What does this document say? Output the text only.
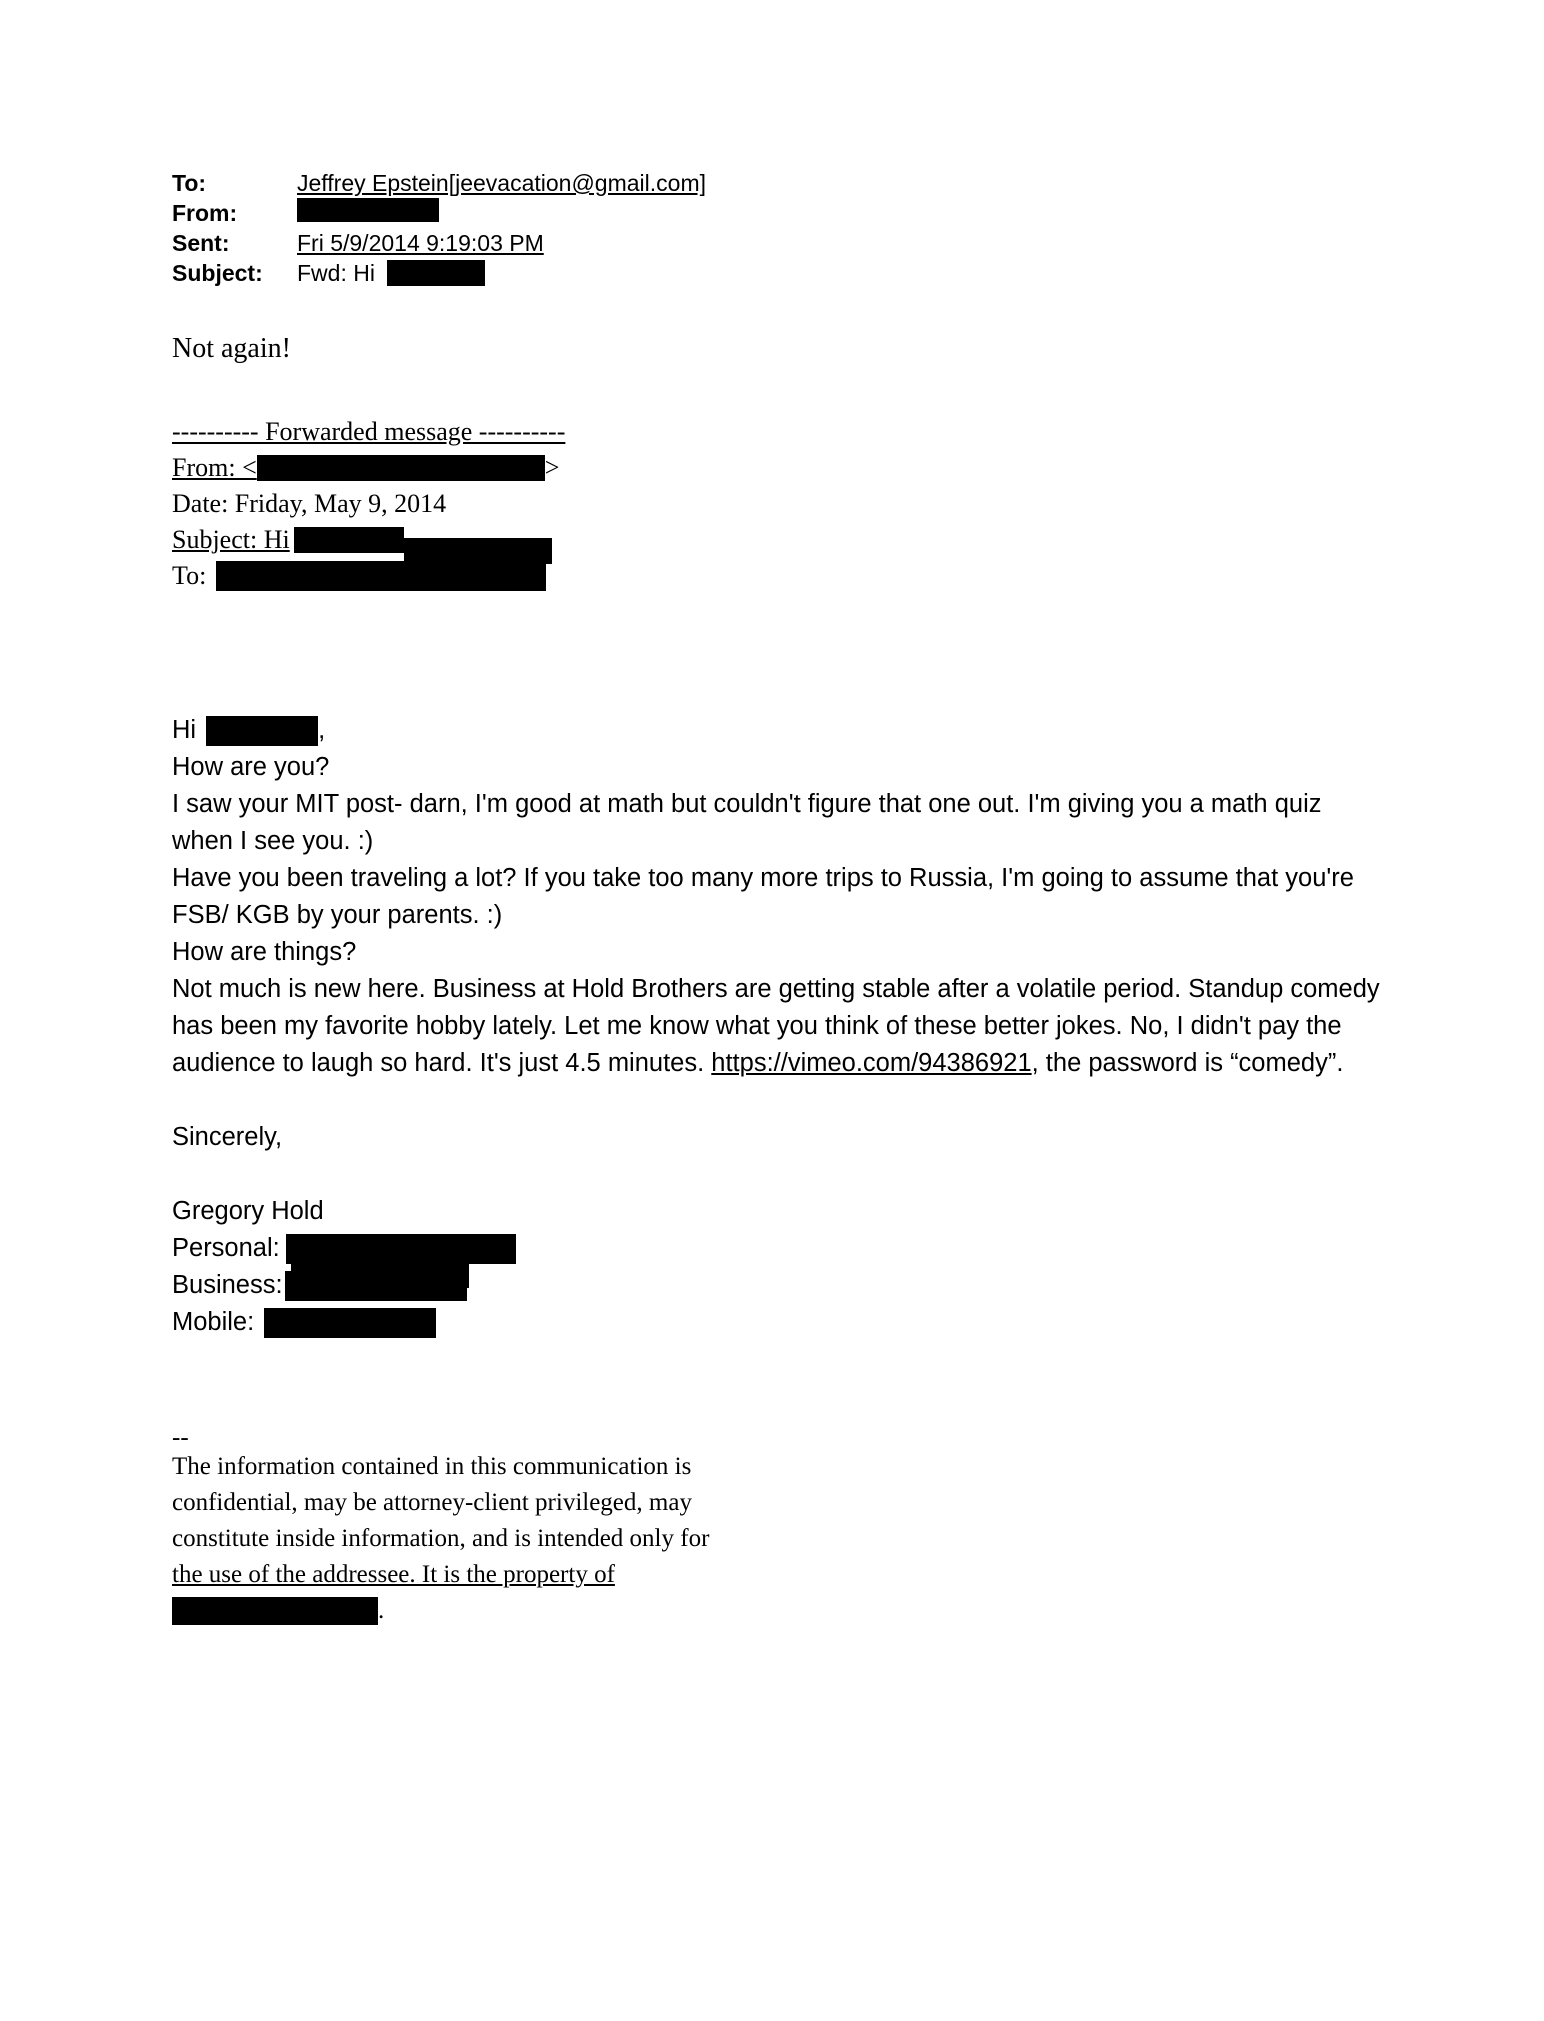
To:	Jeffrey Epstein[jeevacation@gmail.com]
From:
Sent:	Fri 5/9/2014 9:19:03 PM
Subject:	Fwd: Hi
Not again!
---------- Forwarded message ----------
From: <	>
Date: Friday, May 9, 2014
Subject: Hi
To:
Hi	,

How are you?

I saw your MIT post- darn, I'm good at math but couldn't figure that one out. I'm giving you a math quiz when I see you. :)

Have you been traveling a lot? If you take too many more trips to Russia, I'm going to assume that you're FSB/ KGB by your parents. :)

How are things?

Not much is new here. Business at Hold Brothers are getting stable after a volatile period. Standup comedy has been my favorite hobby lately. Let me know what you think of these better jokes. No, I didn't pay the audience to laugh so hard. It's just 4.5 minutes. https://vimeo.com/94386921, the password is “comedy”.

Sincerely,

Gregory Hold
Personal:
Business:
Mobile:
--
The information contained in this communication is
confidential, may be attorney-client privileged, may
constitute inside information, and is intended only for
the use of the addressee. It is the property of
.
